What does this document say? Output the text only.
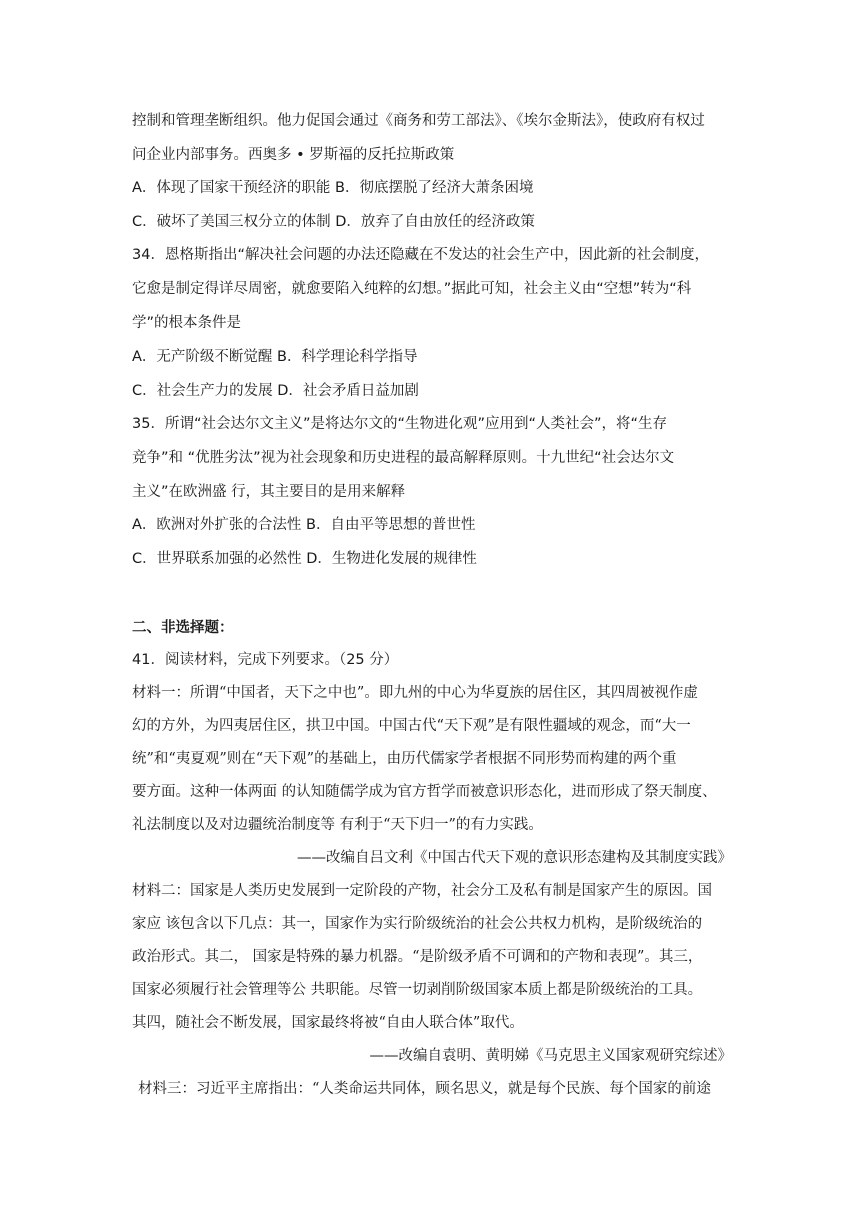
控制和管理垄断组织。他力促国会通过《商务和劳工部法》、《埃尔金斯法》，使政府有权过
问企业内部事务。西奥多 • 罗斯福的反托拉斯政策
A．体现了国家干预经济的职能 B．彻底摆脱了经济大萧条困境
C．破坏了美国三权分立的体制 D．放弃了自由放任的经济政策
34．恩格斯指出“解决社会问题的办法还隐藏在不发达的社会生产中，因此新的社会制度，
它愈是制定得详尽周密，就愈要陷入纯粹的幻想。”据此可知，社会主义由“空想”转为“科
学”的根本条件是
A．无产阶级不断觉醒 B．科学理论科学指导
C．社会生产力的发展 D．社会矛盾日益加剧
35．所谓“社会达尔文主义”是将达尔文的“生物进化观”应用到“人类社会”，将“生存
竞争”和 “优胜劣汰”视为社会现象和历史进程的最高解释原则。十九世纪“社会达尔文
主义”在欧洲盛 行，其主要目的是用来解释
A．欧洲对外扩张的合法性 B．自由平等思想的普世性
C．世界联系加强的必然性 D．生物进化发展的规律性
二、非选择题：
41．阅读材料，完成下列要求。（25 分）
材料一：所谓“中国者，天下之中也”。即九州的中心为华夏族的居住区，其四周被视作虚
幻的方外，为四夷居住区，拱卫中国。中国古代“天下观”是有限性疆域的观念，而“大一
统”和“夷夏观”则在“天下观”的基础上，由历代儒家学者根据不同形势而构建的两个重
要方面。这种一体两面 的认知随儒学成为官方哲学而被意识形态化，进而形成了祭天制度、
礼法制度以及对边疆统治制度等 有利于“天下归一”的有力实践。
——改编自吕文利《中国古代天下观的意识形态建构及其制度实践》
材料二：国家是人类历史发展到一定阶段的产物，社会分工及私有制是国家产生的原因。国
家应 该包含以下几点：其一，国家作为实行阶级统治的社会公共权力机构，是阶级统治的
政治形式。其二， 国家是特殊的暴力机器。“是阶级矛盾不可调和的产物和表现”。其三，
国家必须履行社会管理等公 共职能。尽管一切剥削阶级国家本质上都是阶级统治的工具。
其四，随社会不断发展，国家最终将被“自由人联合体”取代。
——改编自袁明、黄明娣《马克思主义国家观研究综述》
材料三：习近平主席指出：“人类命运共同体，顾名思义，就是每个民族、每个国家的前途
